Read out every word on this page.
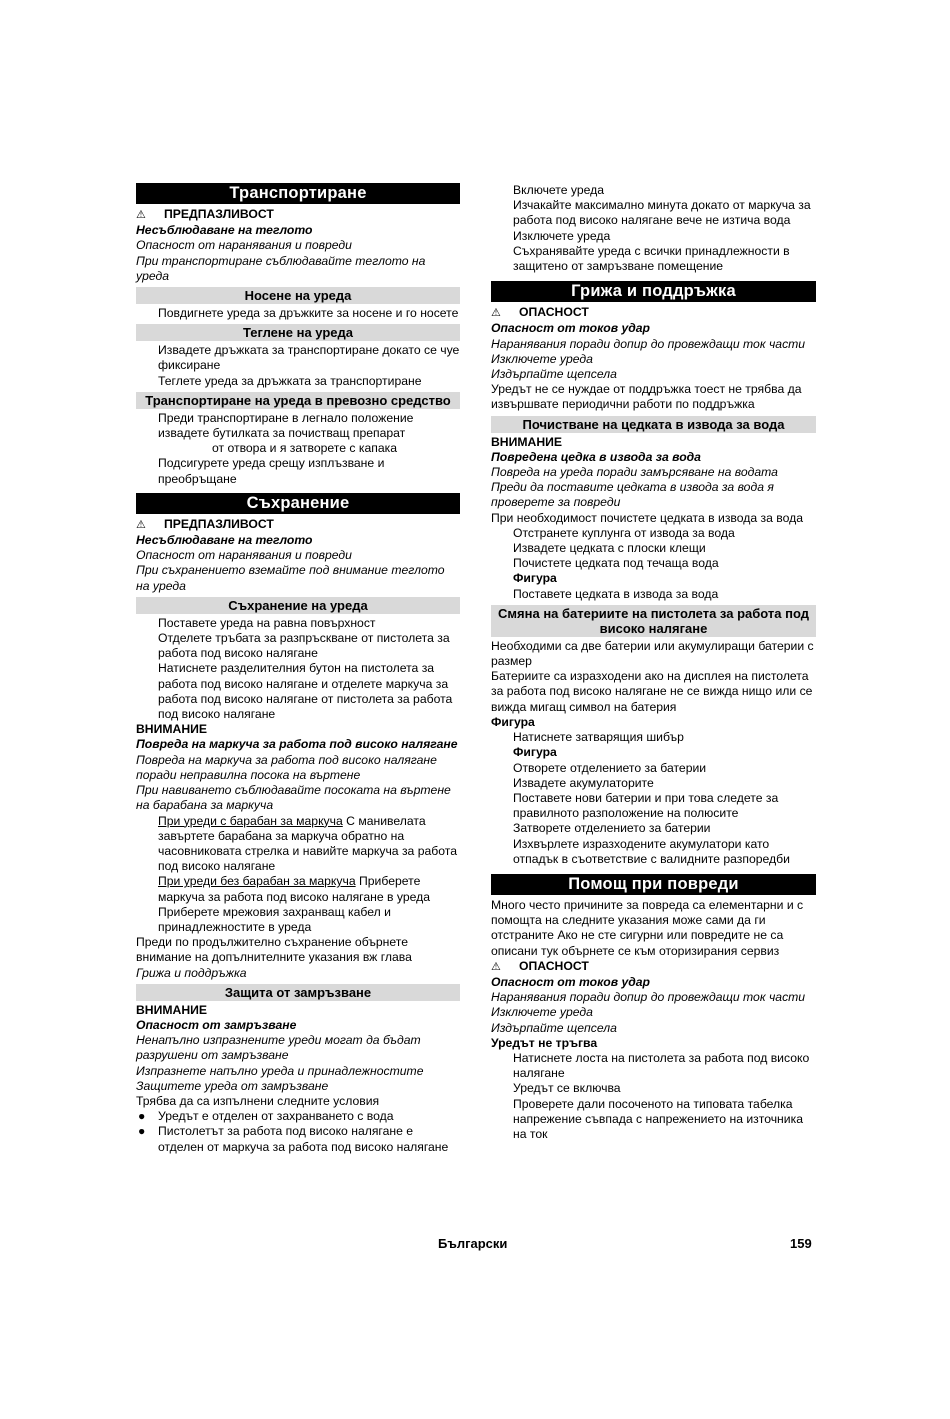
Транспортиране

⚠ ПРЕДПАЗЛИВОСТ

Несъблюдаване на теглото

Опасност от наранявания и повреди

При транспортиране съблюдавайте теглото на уреда

Носене на уреда

Повдигнете уреда за дръжките за носене и го носете

Теглене на уреда

Извадете дръжката за транспортиране докато се чуе фиксиране

Теглете уреда за дръжката за транспортиране

Транспортиране на уреда в превозно средство

Преди транспортиране в легнало положение извадете бутилката за почистващ препарат

от отвора и я затворете с капака

Подсигурете уреда срещу изплъзване и преобръщане

Съхранение

⚠ ПРЕДПАЗЛИВОСТ

Несъблюдаване на теглото

Опасност от наранявания и повреди

При съхранението вземайте под внимание теглото на уреда

Съхранение на уреда

Поставете уреда на равна повърхност

Отделете тръбата за разпръскване от пистолета за работа под високо налягане

Натиснете разделителния бутон на пистолета за работа под високо налягане и отделете маркуча за работа под високо налягане от пистолета за работа под високо налягане

ВНИМАНИЕ

Повреда на маркуча за работа под високо налягане

Повреда на маркуча за работа под високо налягане поради неправилна посока на въртене

При навиването съблюдавайте посоката на въртене на барабана за маркуча

При уреди с барабан за маркуча С манивелата завъртете барабана за маркуча обратно на часовниковата стрелка и навийте маркуча за работа под високо налягане

При уреди без барабан за маркуча Приберете маркуча за работа под високо налягане в уреда

Приберете мрежовия захранващ кабел и принадлежностите в уреда

Преди по продължително съхранение обърнете внимание на допълнителните указания вж глава

Грижа и поддръжка

Защита от замръзване

ВНИМАНИЕ

Опасност от замръзване

Ненапълно изпразнените уреди могат да бъдат разрушени от замръзване

Изпразнете напълно уреда и принадлежностите

Защитете уреда от замръзване

Трябва да са изпълнени следните условия

● Уредът е отделен от захранването с вода

● Пистолетът за работа под високо налягане е отделен от маркуча за работа под високо налягане

Включете уреда

Изчакайте максимално минута докато от маркуча за работа под високо налягане вече не изтича вода

Изключете уреда

Съхранявайте уреда с всички принадлежности в защитено от замръзване помещение

Грижа и поддръжка

⚠ ОПАСНОСТ

Опасност от токов удар

Наранявания поради допир до провеждащи ток части

Изключете уреда

Издърпайте щепсела

Уредът не се нуждае от поддръжка тоест не трябва да извършвате периодични работи по поддръжка

Почистване на цедката в извода за вода

ВНИМАНИЕ

Повредена цедка в извода за вода

Повреда на уреда поради замърсяване на водата

Преди да поставите цедката в извода за вода я проверете за повреди

При необходимост почистете цедката в извода за вода

Отстранете куплунга от извода за вода

Извадете цедката с плоски клещи

Почистете цедката под течаща вода

Фигура

Поставете цедката в извода за вода

Смяна на батериите на пистолета за работа под високо налягане

Необходими са две батерии или акумулиращи батерии с размер

Батериите са изразходени ако на дисплея на пистолета за работа под високо налягане не се вижда нищо или се вижда мигащ символ на батерия

Фигура

Натиснете затварящия шибър

Фигура

Отворете отделението за батерии

Извадете акумулаторите

Поставете нови батерии и при това следете за правилното разположение на полюсите

Затворете отделението за батерии

Изхвърлете изразходените акумулатори като отпадък в съответствие с валидните разпоредби

Помощ при повреди

Много често причините за повреда са елементарни и с помощта на следните указания може сами да ги отстраните Ако не сте сигурни или повредите не са описани тук обърнете се към оторизирания сервиз

⚠ ОПАСНОСТ

Опасност от токов удар

Наранявания поради допир до провеждащи ток части

Изключете уреда

Издърпайте щепсела

Уредът не тръгва

Натиснете лоста на пистолета за работа под високо налягане

Уредът се включва

Проверете дали посоченото на типовата табелка напрежение съвпада с напрежението на източника на ток

Български	159
